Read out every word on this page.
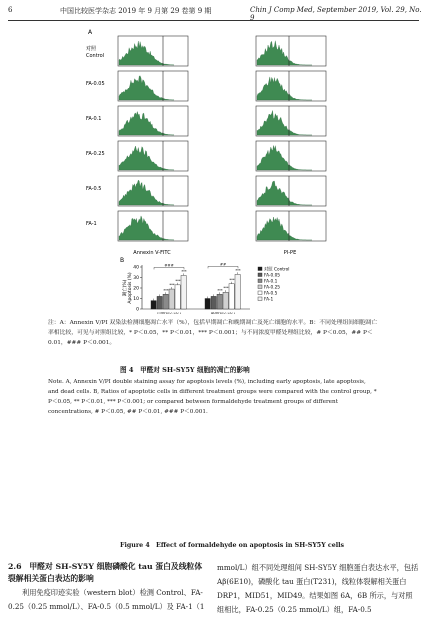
6	中国比较医学杂志 2019 年 9 月第 29 卷第 9 期	Chin J Comp Med, September 2019, Vol. 29, No. 9
A
对照
Control
FA-0.05
FA-0.1
FA-0.25
FA-0.5
FA-1
Annexin V-FITC	PI-PE
B
0
10
20
30
40
凋亡(%) Apoptosis (%)	***
***
***
***
###
***
***
***
***
##
对照 Control
FA-0.05
FA-0.1
FA-0.25
FA-0.5
FA-1
注：A：Annexin V/PI 双染法检测细胞凋亡水平（%），包括早期凋亡和晚期凋亡及死亡细胞的水平。B：不同处理组间细胞凋亡率相比较，可见与对照组比较，* P＜0.05，** P＜0.01，*** P＜0.001；与不同浓度甲醛处理组比较，# P＜0.05，## P＜0.01，### P＜0.001。
图 4　甲醛对 SH-SY5Y 细胞的凋亡的影响
Note. A, Annexin V/PI double staining assay for apoptosis levels (%), including early apoptosis, late apoptosis, and dead cells. B, Ratios of apoptotic cells in different treatment groups were compared with the control group, * P＜0.05, ** P＜0.01, *** P＜0.001; or compared between formaldehyde treatment groups of different concentrations, # P＜0.05, ## P＜0.01, ### P＜0.001.
Figure 4　Effect of formaldehyde on apoptosis in SH-SY5Y cells
2.6　甲醛对 SH-SY5Y 细胞磷酸化 tau 蛋白及线粒体裂解相关蛋白表达的影响
利用免疫印迹实验（western blot）检测 Control、FA-0.25（0.25 mmol/L）、FA-0.5（0.5 mmol/L）及 FA-1（1
mmol/L）组不同处理组间 SH-SY5Y 细胞蛋白表达水平，包括 Aβ(6E10)，磷酸化 tau 蛋白(T231)，线粒体裂解相关蛋白 DRP1，MID51，MID49。结果如图 6A，6B 所示，与对照组相比，FA-0.25（0.25 mmol/L）组，FA-0.5
